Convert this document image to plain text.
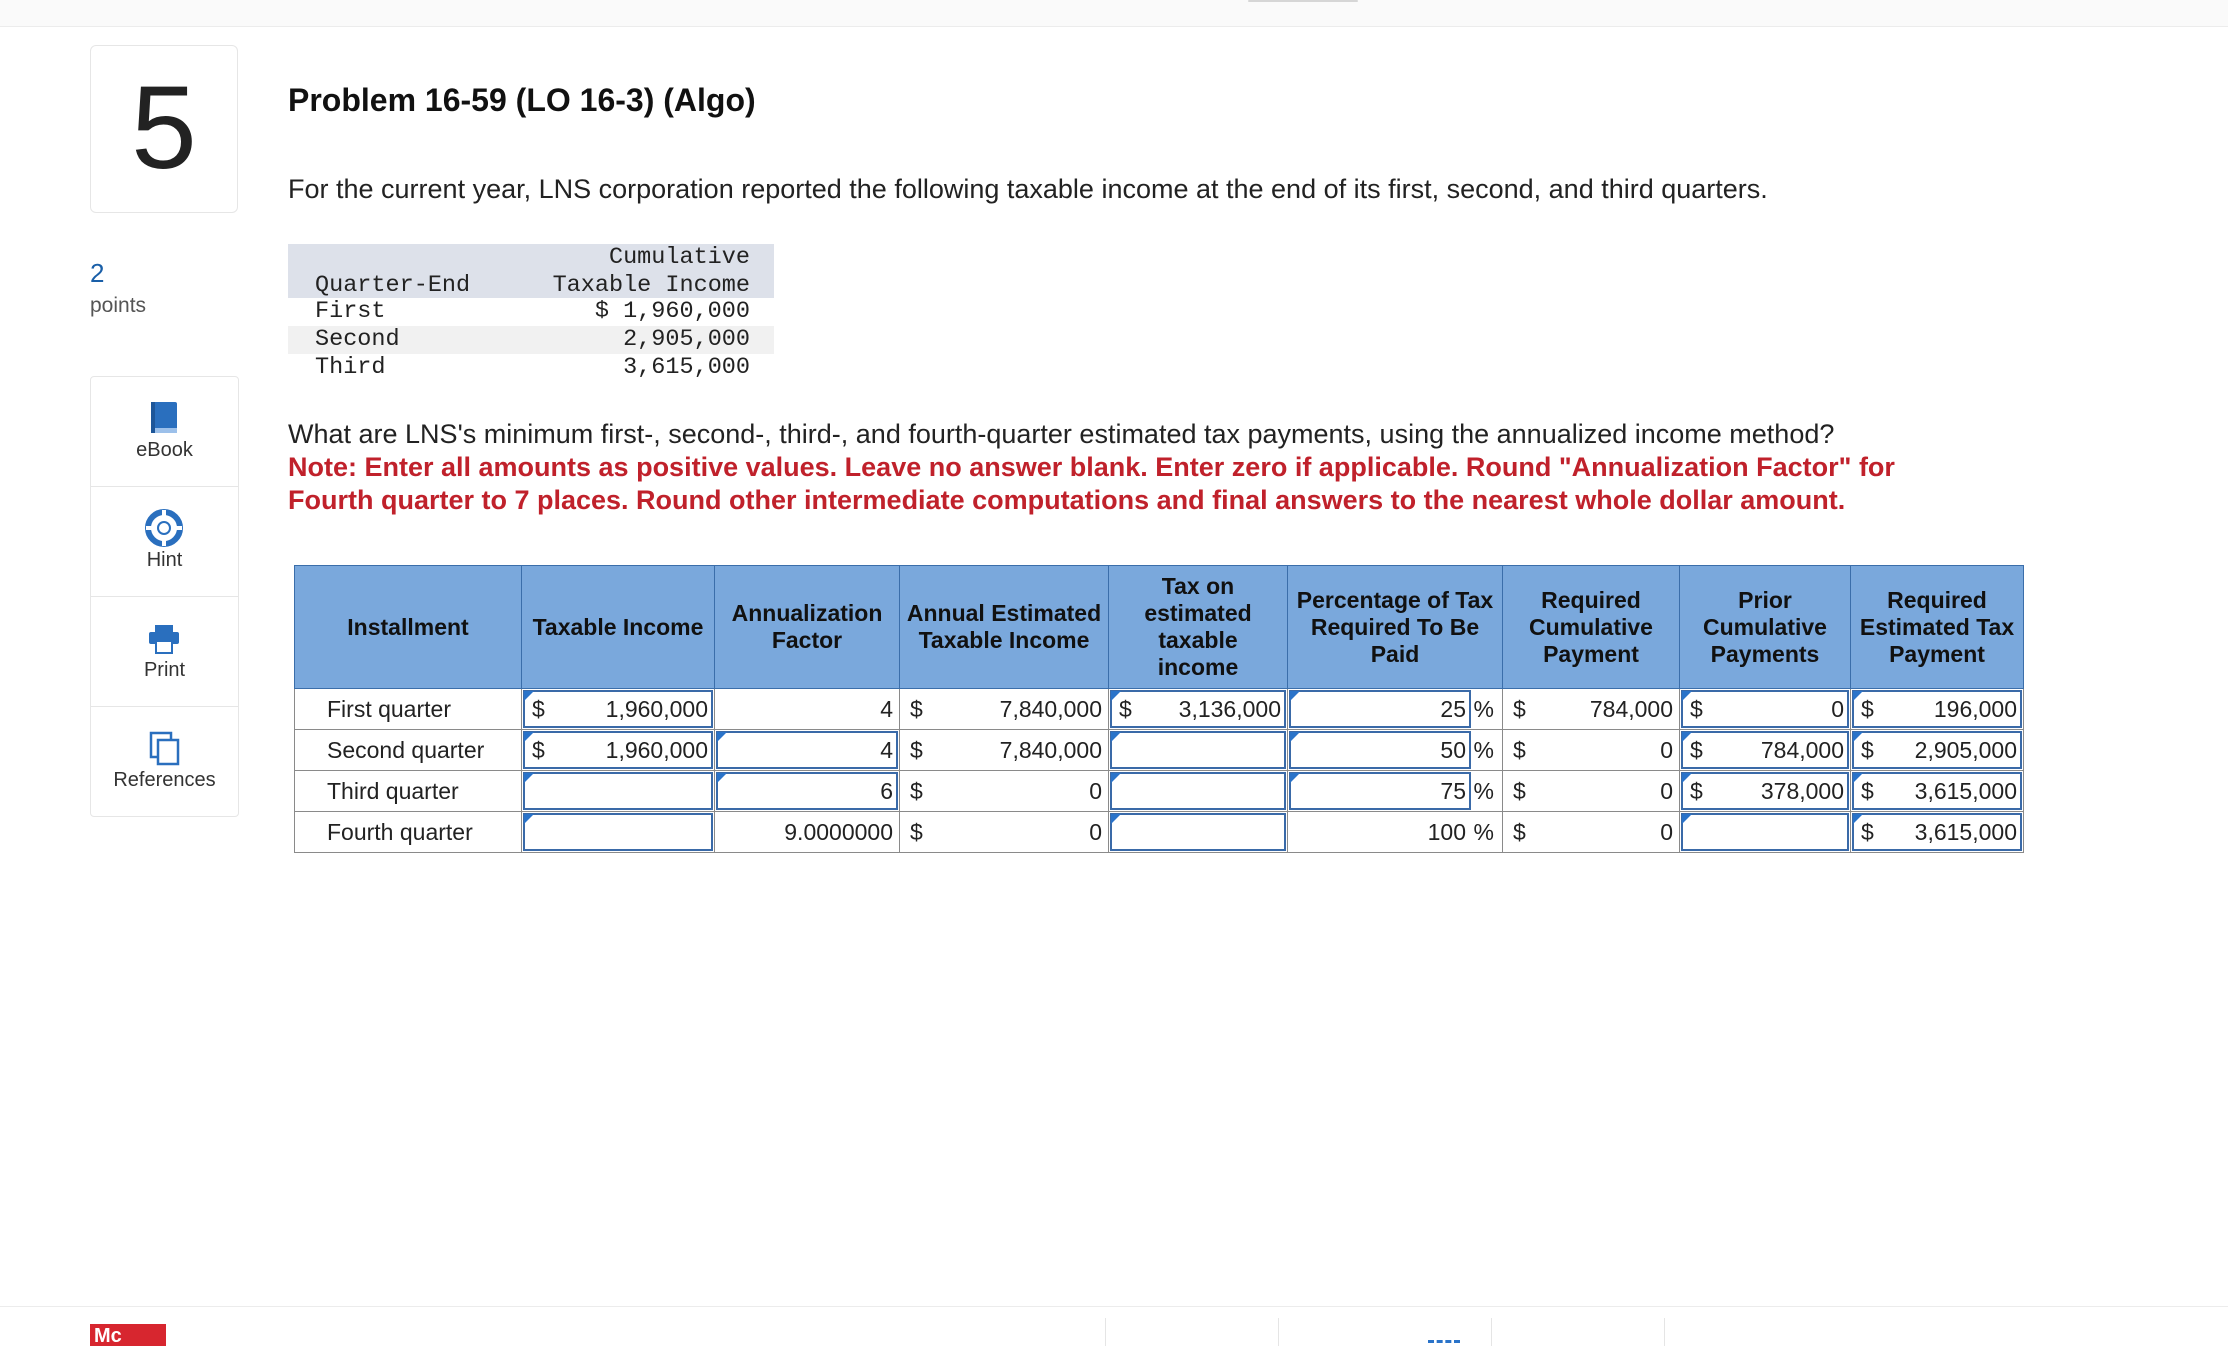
5
2
points
eBook
Hint
Print
References
Problem 16-59 (LO 16-3) (Algo)
For the current year, LNS corporation reported the following taxable income at the end of its first, second, and third quarters.
Quarter-End
Cumulative
Taxable Income
First	$ 1,960,000
Second	2,905,000
Third	3,615,000
What are LNS's minimum first-, second-, third-, and fourth-quarter estimated tax payments, using the annualized income method?
Note: Enter all amounts as positive values. Leave no answer blank. Enter zero if applicable. Round "Annualization Factor" for Fourth quarter to 7 places. Round other intermediate computations and final answers to the nearest whole dollar amount.
Installment	Taxable Income	Annualization Factor	Annual Estimated Taxable Income	Tax on estimated taxable income	Percentage of Tax Required To Be Paid	Required Cumulative Payment	Prior Cumulative Payments	Required Estimated Tax Payment
First quarter	$ 1,960,000	4	$ 7,840,000	$ 3,136,000	25 %	$ 784,000	$ 0	$ 196,000

Second quarter	$ 1,960,000	4	$ 7,840,000		50 %	$ 0	$ 784,000	$ 2,905,000

Third quarter		6	$ 0		75 %	$ 0	$ 378,000	$ 3,615,000

Fourth quarter		9.0000000	$ 0		100 %	$ 0		$ 3,615,000
Mc
